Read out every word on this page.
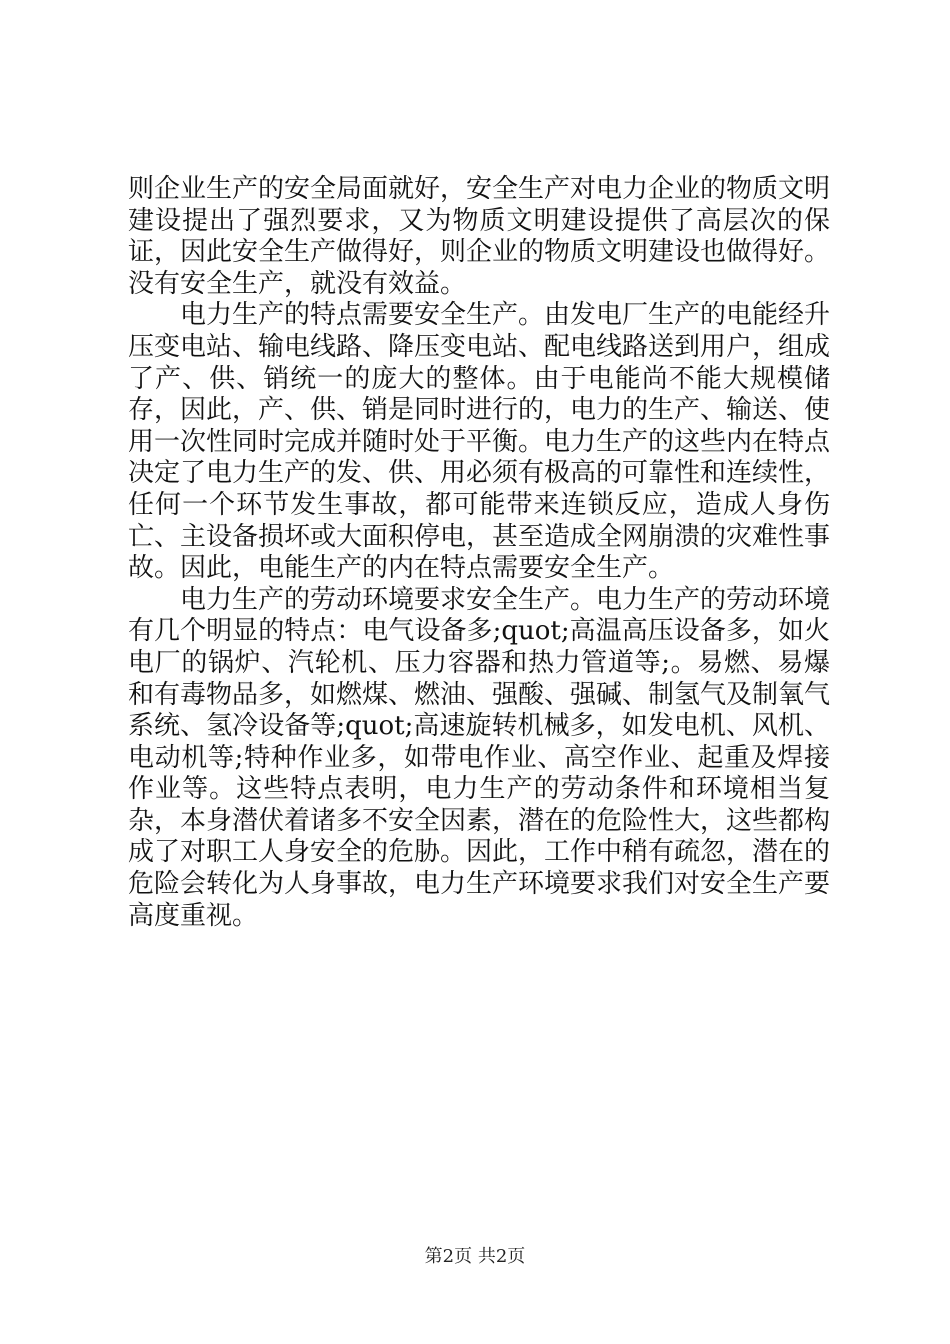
则企业生产的安全局面就好，安全生产对电力企业的物质文明建设提出了强烈要求，又为物质文明建设提供了高层次的保证，因此安全生产做得好，则企业的物质文明建设也做得好。没有安全生产，就没有效益。

电力生产的特点需要安全生产。由发电厂生产的电能经升压变电站、输电线路、降压变电站、配电线路送到用户，组成了产、供、销统一的庞大的整体。由于电能尚不能大规模储存，因此，产、供、销是同时进行的，电力的生产、输送、使用一次性同时完成并随时处于平衡。电力生产的这些内在特点决定了电力生产的发、供、用必须有极高的可靠性和连续性，任何一个环节发生事故，都可能带来连锁反应，造成人身伤亡、主设备损坏或大面积停电，甚至造成全网崩溃的灾难性事故。因此，电能生产的内在特点需要安全生产。

电力生产的劳动环境要求安全生产。电力生产的劳动环境有几个明显的特点：电气设备多;quot;高温高压设备多，如火电厂的锅炉、汽轮机、压力容器和热力管道等;。易燃、易爆和有毒物品多，如燃煤、燃油、强酸、强碱、制氢气及制氧气系统、氢冷设备等;quot;高速旋转机械多，如发电机、风机、电动机等;特种作业多，如带电作业、高空作业、起重及焊接作业等。这些特点表明，电力生产的劳动条件和环境相当复杂，本身潜伏着诸多不安全因素，潜在的危险性大，这些都构成了对职工人身安全的危胁。因此，工作中稍有疏忽，潜在的危险会转化为人身事故，电力生产环境要求我们对安全生产要高度重视。

第2页 共2页
